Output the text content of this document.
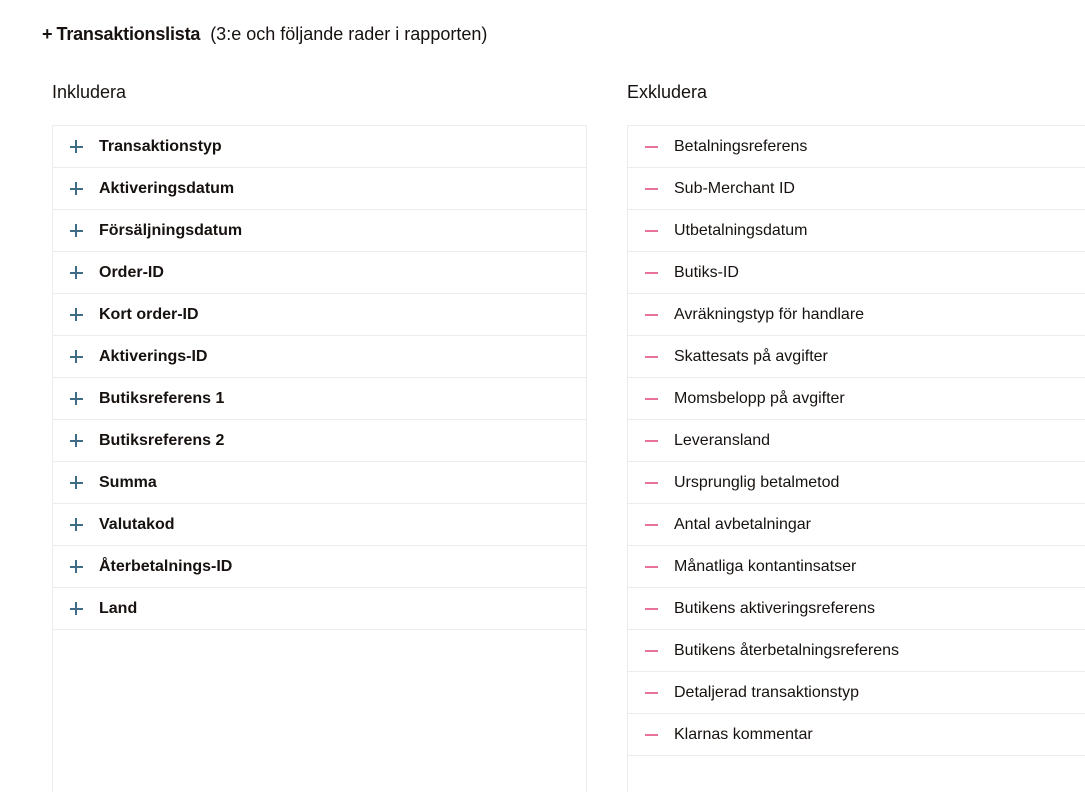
+ Transaktionslista (3:e och följande rader i rapporten)
Inkludera	Exkludera
Transaktionstyp
Aktiveringsdatum
Försäljningsdatum
Order-ID
Kort order-ID
Aktiverings-ID
Butiksreferens 1
Butiksreferens 2
Summa
Valutakod
Återbetalnings-ID
Land
Betalningsreferens
Sub-Merchant ID
Utbetalningsdatum
Butiks-ID
Avräkningstyp för handlare
Skattesats på avgifter
Momsbelopp på avgifter
Leveransland
Ursprunglig betalmetod
Antal avbetalningar
Månatliga kontantinsatser
Butikens aktiveringsreferens
Butikens återbetalningsreferens
Detaljerad transaktionstyp
Klarnas kommentar
